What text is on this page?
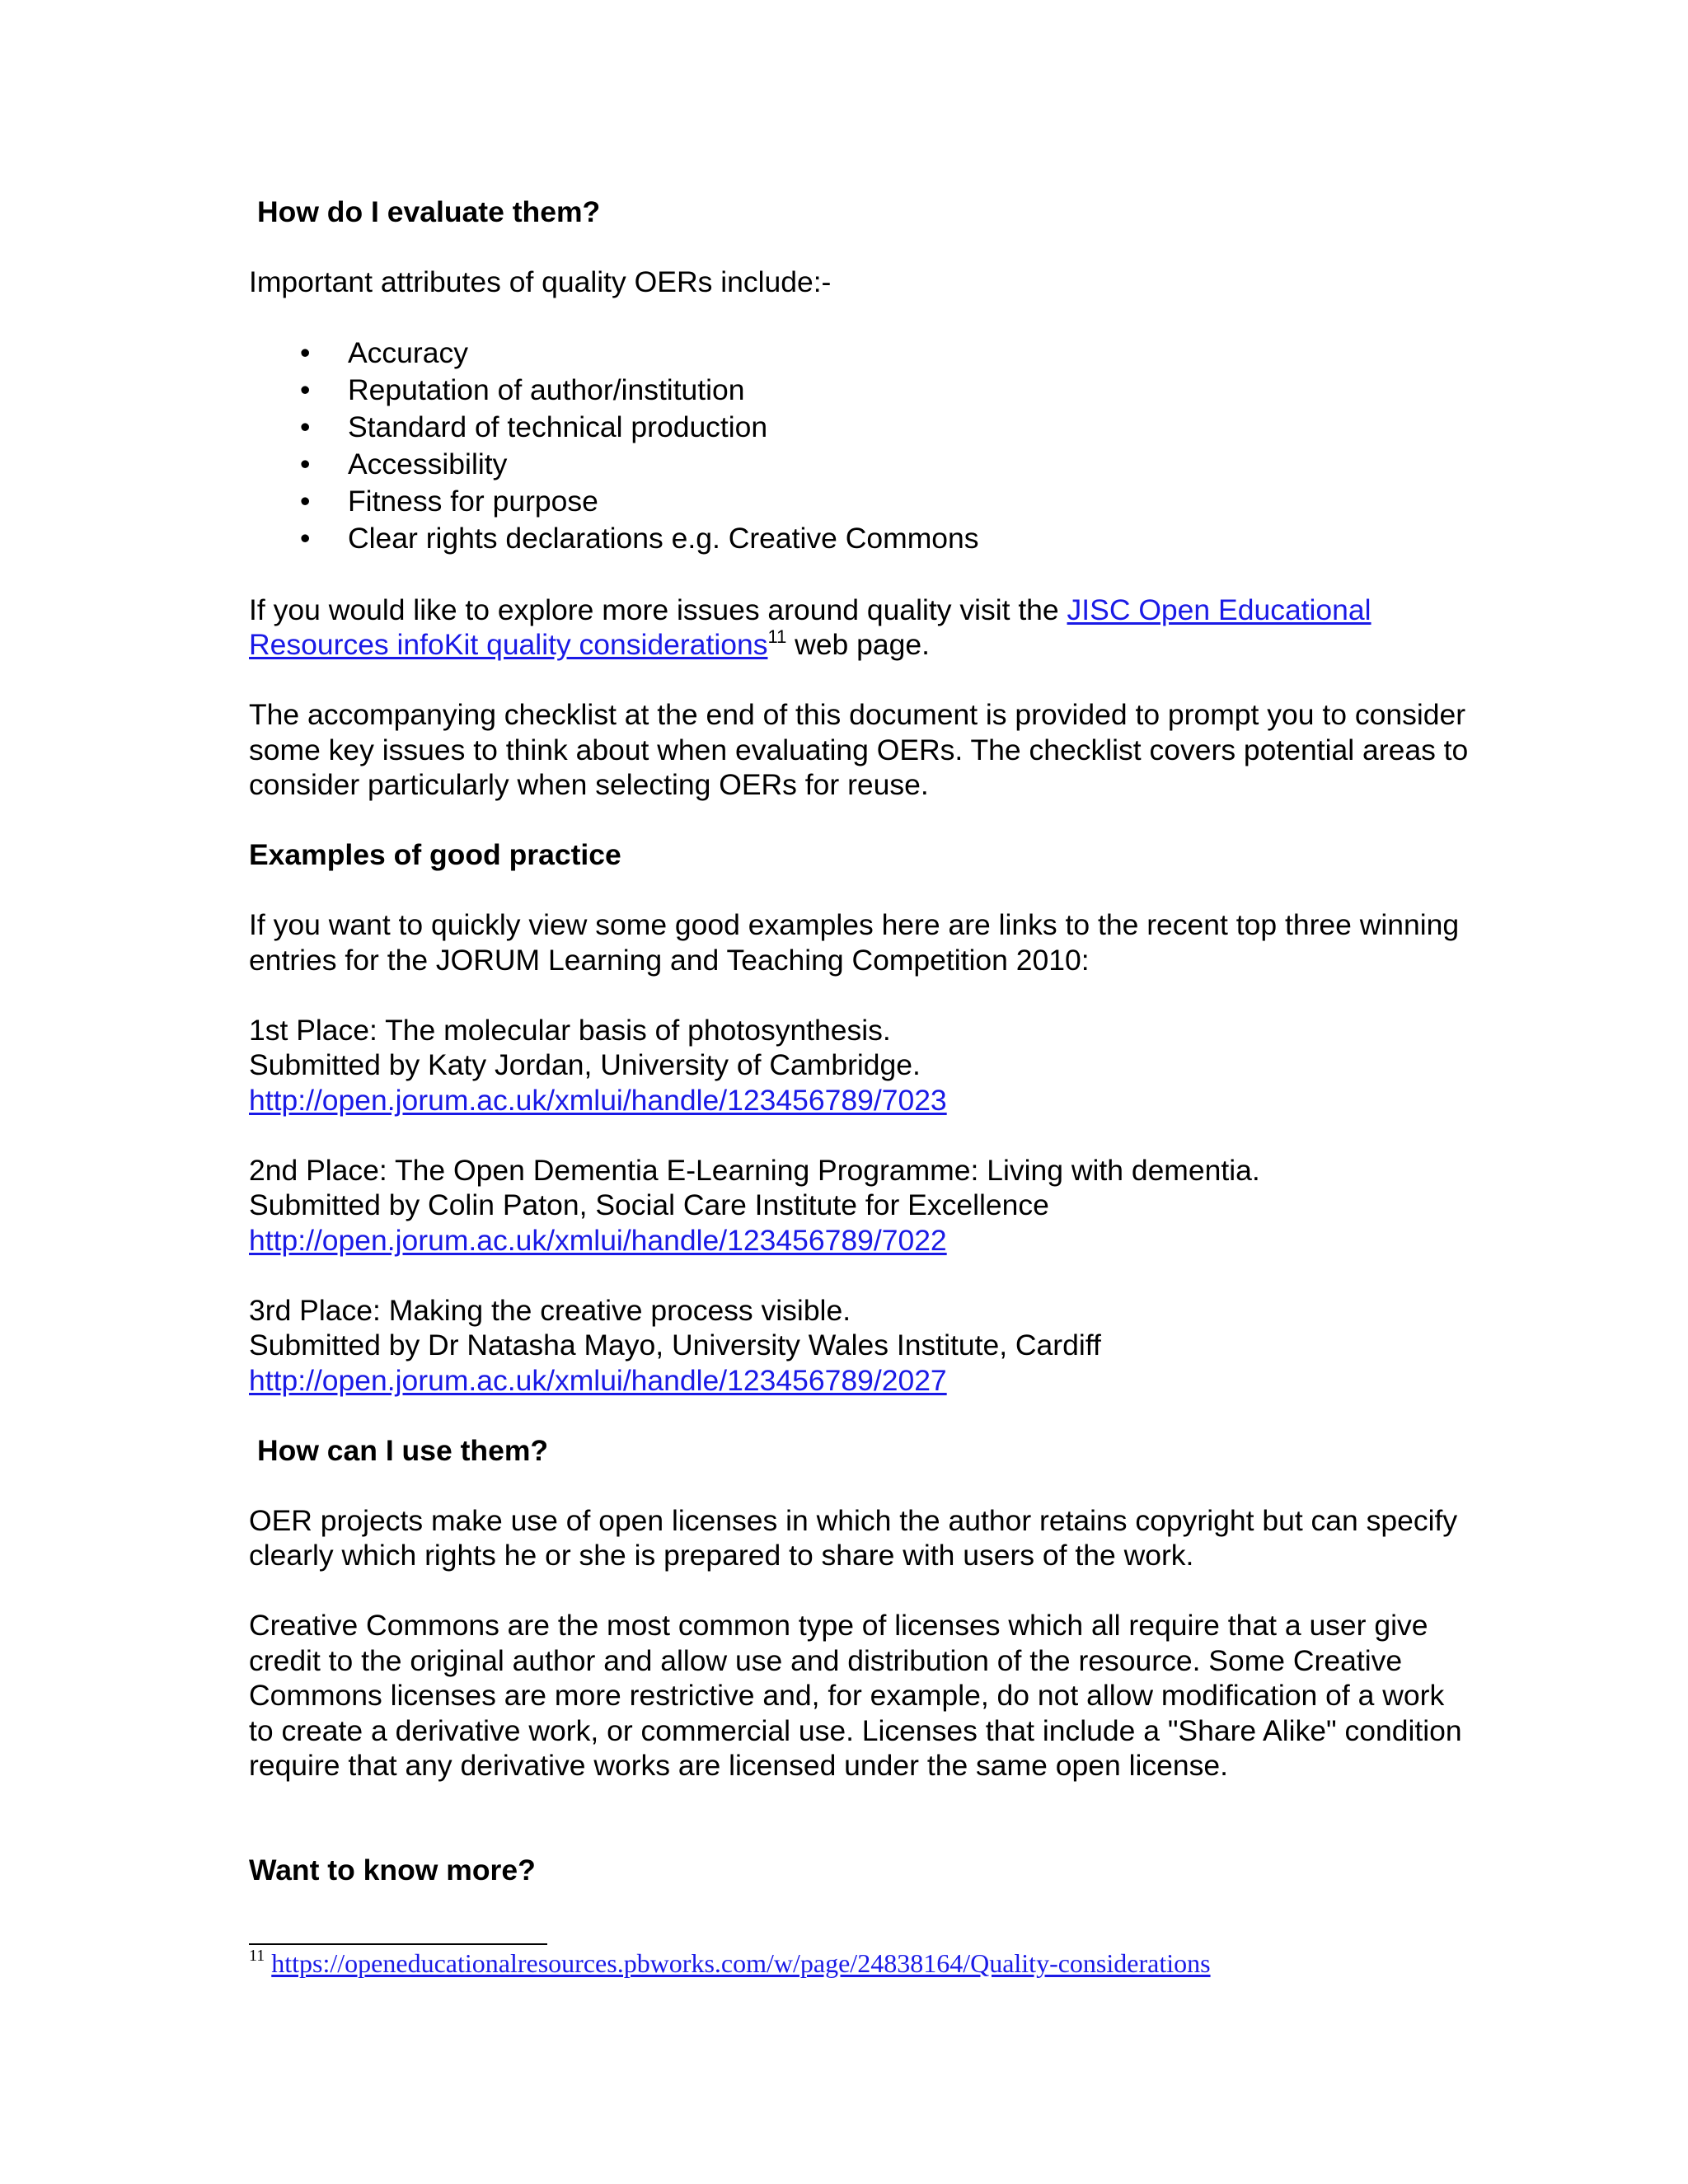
How do I evaluate them?

Important attributes of quality OERs include:-

• Accuracy
• Reputation of author/institution
• Standard of technical production
• Accessibility
• Fitness for purpose
• Clear rights declarations e.g. Creative Commons

If you would like to explore more issues around quality visit the JISC Open Educational Resources infoKit quality considerations$^{11}$ web page.

The accompanying checklist at the end of this document is provided to prompt you to consider some key issues to think about when evaluating OERs. The checklist covers potential areas to consider particularly when selecting OERs for reuse.

Examples of good practice

If you want to quickly view some good examples here are links to the recent top three winning entries for the JORUM Learning and Teaching Competition 2010:

1st Place: The molecular basis of photosynthesis.

Submitted by Katy Jordan, University of Cambridge.

http://open.jorum.ac.uk/xmlui/handle/123456789/7023

2nd Place: The Open Dementia E-Learning Programme: Living with dementia.

Submitted by Colin Paton, Social Care Institute for Excellence

http://open.jorum.ac.uk/xmlui/handle/123456789/7022

3rd Place: Making the creative process visible.

Submitted by Dr Natasha Mayo, University Wales Institute, Cardiff

http://open.jorum.ac.uk/xmlui/handle/123456789/2027

How can I use them?

OER projects make use of open licenses in which the author retains copyright but can specify clearly which rights he or she is prepared to share with users of the work.

Creative Commons are the most common type of licenses which all require that a user give credit to the original author and allow use and distribution of the resource. Some Creative Commons licenses are more restrictive and, for example, do not allow modification of a work to create a derivative work, or commercial use. Licenses that include a "Share Alike" condition require that any derivative works are licensed under the same open license.

Want to know more?

$^{11}$ https://openeducationalresources.pbworks.com/w/page/24838164/Quality-considerations
